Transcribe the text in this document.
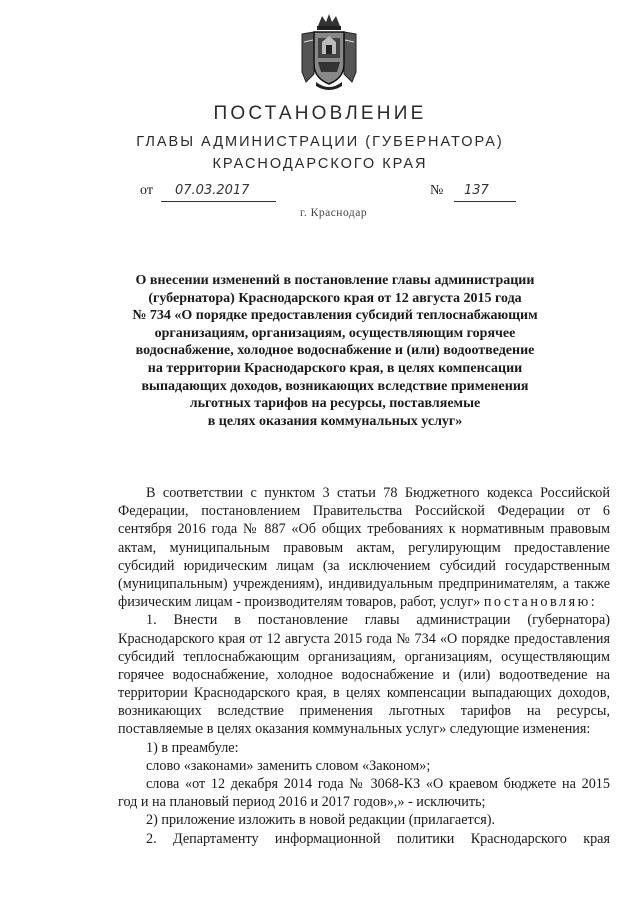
ПОСТАНОВЛЕНИЕ
ГЛАВЫ АДМИНИСТРАЦИИ (ГУБЕРНАТОРА)
КРАСНОДАРСКОГО КРАЯ
от	07.03.2017	№	137
г. Краснодар
О внесении изменений в постановление главы администрации
(губернатора) Краснодарского края от 12 августа 2015 года
№ 734 «О порядке предоставления субсидий теплоснабжающим
организациям, организациям, осуществляющим горячее
водоснабжение, холодное водоснабжение и (или) водоотведение
на территории Краснодарского края, в целях компенсации
выпадающих доходов, возникающих вследствие применения
льготных тарифов на ресурсы, поставляемые
в целях оказания коммунальных услуг»
В соответствии с пунктом 3 статьи 78 Бюджетного кодекса Российской
Федерации, постановлением Правительства Российской Федерации от 6
сентября 2016 года № 887 «Об общих требованиях к нормативным правовым
актам, муниципальным правовым актам, регулирующим предоставление
субсидий юридическим лицам (за исключением субсидий государственным
(муниципальным) учреждениям), индивидуальным предпринимателям, а также
физическим лицам - производителям товаров, работ, услуг» постановляю:
1. Внести в постановление главы администрации (губернатора)
Краснодарского края от 12 августа 2015 года № 734 «О порядке предоставления
субсидий теплоснабжающим организациям, организациям, осуществляющим
горячее водоснабжение, холодное водоснабжение и (или) водоотведение на
территории Краснодарского края, в целях компенсации выпадающих доходов,
возникающих вследствие применения льготных тарифов на ресурсы,
поставляемые в целях оказания коммунальных услуг» следующие изменения:
1) в преамбуле:
слово «законами» заменить словом «Законом»;
слова «от 12 декабря 2014 года № 3068-КЗ «О краевом бюджете на 2015
год и на плановый период 2016 и 2017 годов»,» - исключить;
2) приложение изложить в новой редакции (прилагается).
2. Департаменту информационной политики Краснодарского края
